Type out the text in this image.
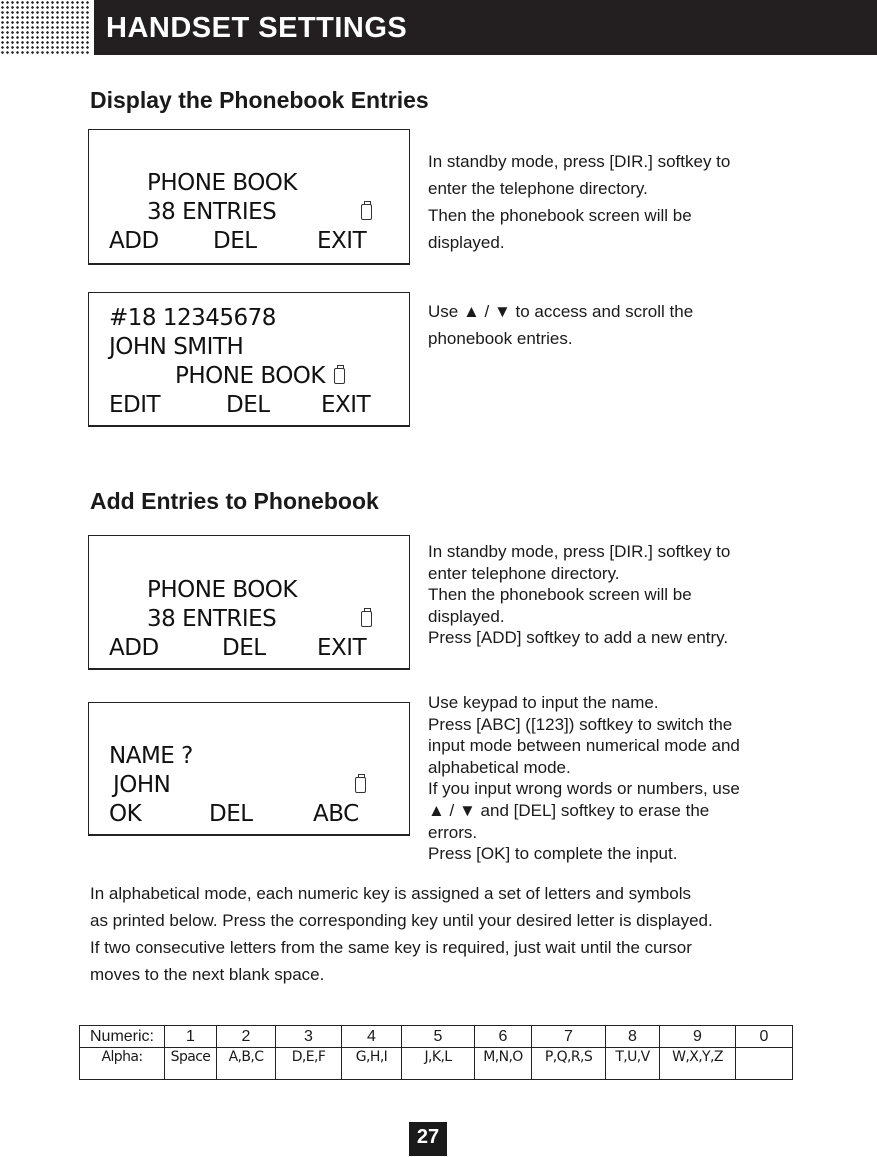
HANDSET SETTINGS
Display the Phonebook Entries
PHONE BOOK
38 ENTRIES
ADD DEL	EXIT
In standby mode, press [DIR.] softkey to
enter the telephone directory.
Then the phonebook screen will be
displayed.
#18 12345678
JOHN SMITH
PHONE BOOK
EDIT	DEL EXIT
Use ▲ / ▼ to access and scroll the
phonebook entries.
Add Entries to Phonebook
PHONE BOOK
38 ENTRIES
ADD	DEL EXIT
In standby mode, press [DIR.] softkey to
enter telephone directory.
Then the phonebook screen will be
displayed.
Press [ADD] softkey to add a new entry.
NAME ?
JOHN
OK	DEL	ABC
Use keypad to input the name.
Press [ABC] ([123]) softkey to switch the
input mode between numerical mode and
alphabetical mode.
If you input wrong words or numbers, use
▲ / ▼ and [DEL] softkey to erase the
errors.
Press [OK] to complete the input.
In alphabetical mode, each numeric key is assigned a set of letters and symbols
as printed below. Press the corresponding key until your desired letter is displayed.
If two consecutive letters from the same key is required, just wait until the cursor
moves to the next blank space.
Numeric:	1	2	3	4	5	6	7	8	9	0
Alpha:	Space	A,B,C	D,E,F	G,H,I	J,K,L	M,N,O	P,Q,R,S	T,U,V	W,X,Y,Z	
27
